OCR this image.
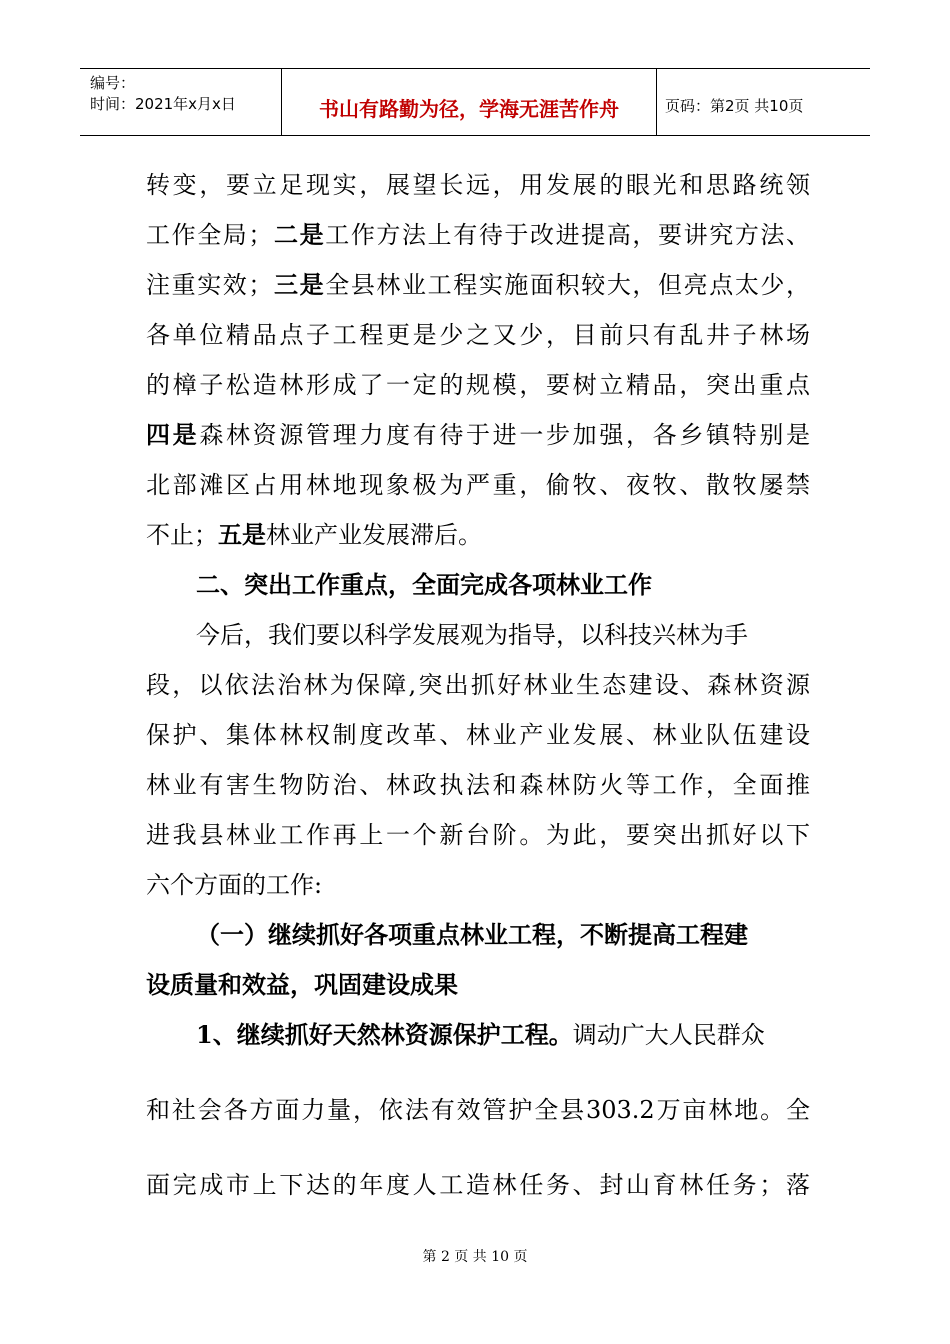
编号：
时间：2021年x月x日	书山有路勤为径，学海无涯苦作舟	页码：第2页 共10页
转变，要立足现实，展望长远，用发展的眼光和思路统领
工作全局；二是工作方法上有待于改进提高，要讲究方法、
注重实效；三是全县林业工程实施面积较大，但亮点太少，
各单位精品点子工程更是少之又少，目前只有乱井子林场
的樟子松造林形成了一定的规模，要树立精品，突出重点
四是森林资源管理力度有待于进一步加强，各乡镇特别是
北部滩区占用林地现象极为严重，偷牧、夜牧、散牧屡禁
不止；五是林业产业发展滞后。
二、突出工作重点，全面完成各项林业工作
今后，我们要以科学发展观为指导，以科技兴林为手
段，以依法治林为保障,突出抓好林业生态建设、森林资源
保护、集体林权制度改革、林业产业发展、林业队伍建设
林业有害生物防治、林政执法和森林防火等工作，全面推
进我县林业工作再上一个新台阶。为此，要突出抓好以下
六个方面的工作:
（一）继续抓好各项重点林业工程，不断提高工程建
设质量和效益，巩固建设成果
1、继续抓好天然林资源保护工程。调动广大人民群众
和社会各方面力量，依法有效管护全县303.2万亩林地。全
面完成市上下达的年度人工造林任务、封山育林任务；落
第 2 页 共 10 页
